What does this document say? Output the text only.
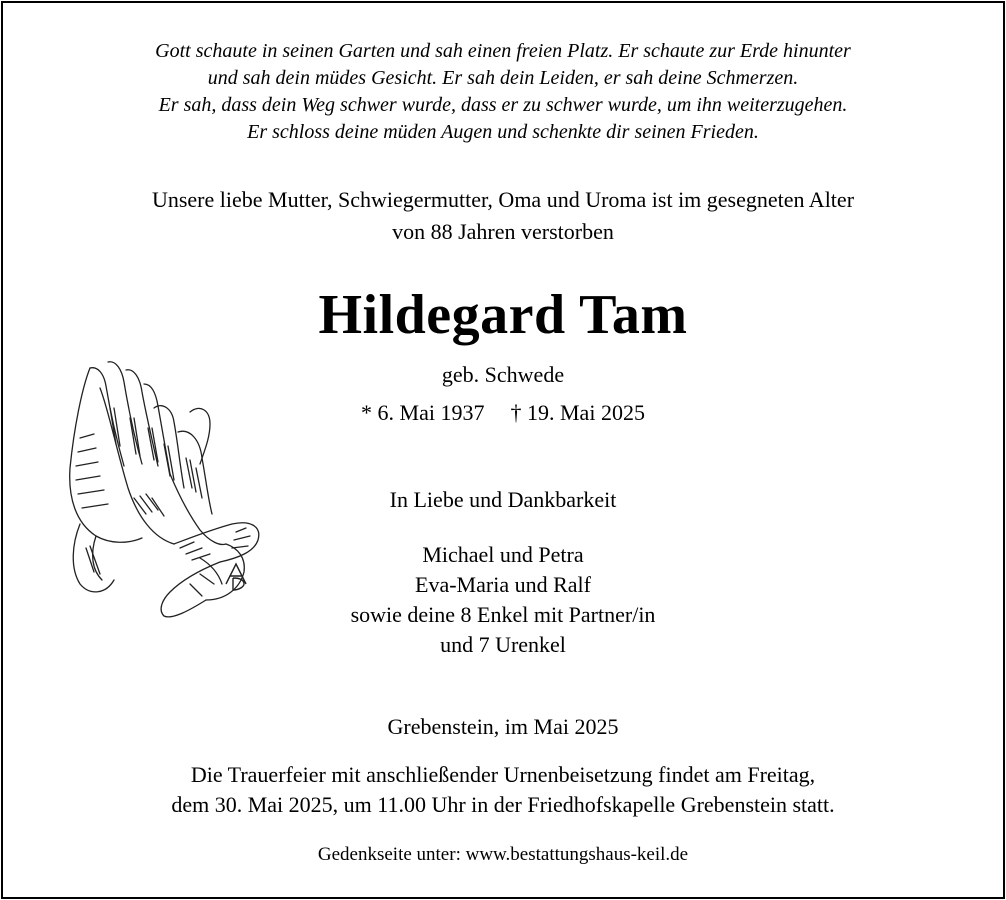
Gott schaute in seinen Garten und sah einen freien Platz. Er schaute zur Erde hinunter
und sah dein müdes Gesicht. Er sah dein Leiden, er sah deine Schmerzen.
Er sah, dass dein Weg schwer wurde, dass er zu schwer wurde, um ihn weiterzugehen.
Er schloss deine müden Augen und schenkte dir seinen Frieden.
Unsere liebe Mutter, Schwiegermutter, Oma und Uroma ist im gesegneten Alter
von 88 Jahren verstorben
Hildegard Tam
geb. Schwede
* 6. Mai 1937 † 19. Mai 2025
In Liebe und Dankbarkeit
Michael und Petra
Eva-Maria und Ralf
sowie deine 8 Enkel mit Partner/in
und 7 Urenkel
Grebenstein, im Mai 2025
Die Trauerfeier mit anschließender Urnenbeisetzung findet am Freitag,
dem 30. Mai 2025, um 11.00 Uhr in der Friedhofskapelle Grebenstein statt.
Gedenkseite unter: www.bestattungshaus-keil.de
